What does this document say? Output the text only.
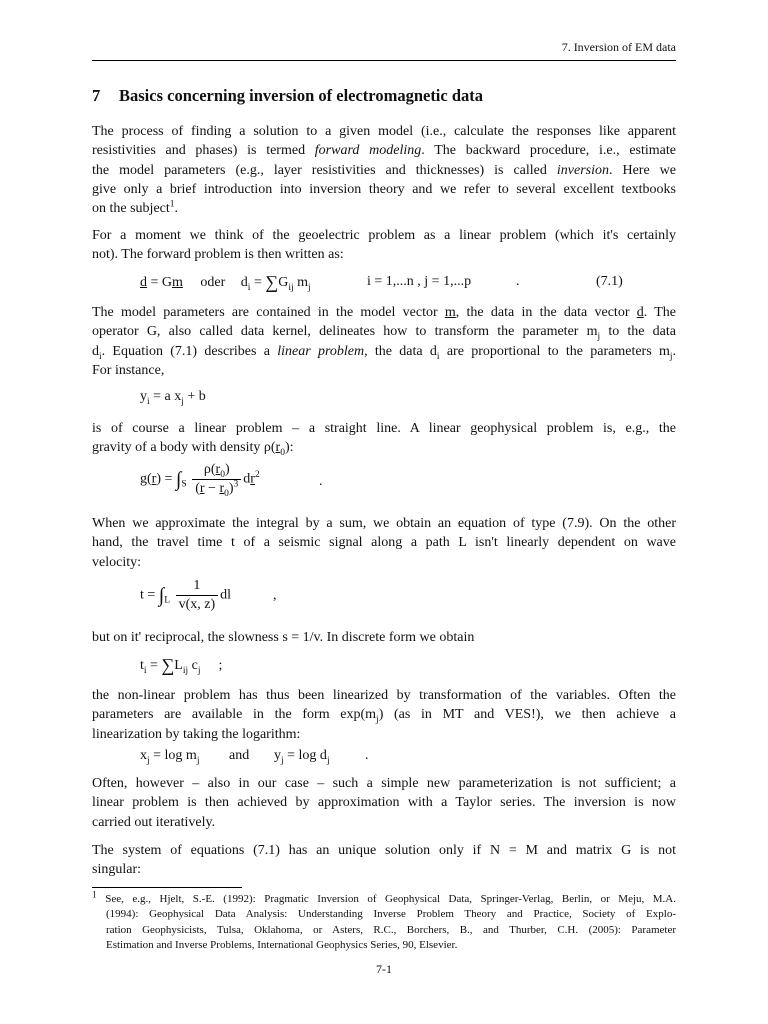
7. Inversion of EM data
7 Basics concerning inversion of electromagnetic data
The process of finding a solution to a given model (i.e., calculate the responses like apparent
resistivities and phases) is termed forward modeling. The backward procedure, i.e., estimate
the model parameters (e.g., layer resistivities and thicknesses) is called inversion. Here we
give only a brief introduction into inversion theory and we refer to several excellent textbooks
on the subject$^1$.
For a moment we think of the geoelectric problem as a linear problem (which it's certainly
not). The forward problem is then written as:
d = Gm oder $d_i = \sum G_{ij}$ $m_j$	i = 1,...n , j = 1,...p	.	(7.1)
The model parameters are contained in the model vector m, the data in the data vector d. The
operator G, also called data kernel, delineates how to transform the parameter $m_j$ to the data
$d_i$. Equation (7.1) describes a linear problem, the data $d_i$ are proportional to the parameters $m_j$.
For instance,
$y_i = a$ $x_j + b$
is of course a linear problem – a straight line. A linear geophysical problem is, e.g., the
gravity of a body with density $\rho(r_0)$:
$g(r) = \int_S \frac{\rho(r_0)}{(r - r_0)^3} dr^2$	.
When we approximate the integral by a sum, we obtain an equation of type (7.9). On the other
hand, the travel time t of a seismic signal along a path L isn't linearly dependent on wave
velocity:
$t = \int_L \frac{1}{v(x, z)}$ dl	,
but on it' reciprocal, the slowness s = 1/v. In discrete form we obtain
$t_i = \sum L_{ij}$ $c_j$ ;
the non-linear problem has thus been linearized by transformation of the variables. Often the
parameters are available in the form $\exp(m_j)$ (as in MT and VES!), we then achieve a
linearization by taking the logarithm:
$x_j = \log m_j$ and $y_j = \log d_j$	.
Often, however – also in our case – such a simple new parameterization is not sufficient; a
linear problem is then achieved by approximation with a Taylor series. The inversion is now
carried out iteratively.
The system of equations (7.1) has an unique solution only if N = M and matrix G is not
singular:
$^1$ See, e.g., Hjelt, S.-E. (1992): Pragmatic Inversion of Geophysical Data, Springer-Verlag, Berlin, or Meju, M.A.
(1994): Geophysical Data Analysis: Understanding Inverse Problem Theory and Practice, Society of Explo-
ration Geophysicists, Tulsa, Oklahoma, or Asters, R.C., Borchers, B., and Thurber, C.H. (2005): Parameter
Estimation and Inverse Problems, International Geophysics Series, 90, Elsevier.
7-1
